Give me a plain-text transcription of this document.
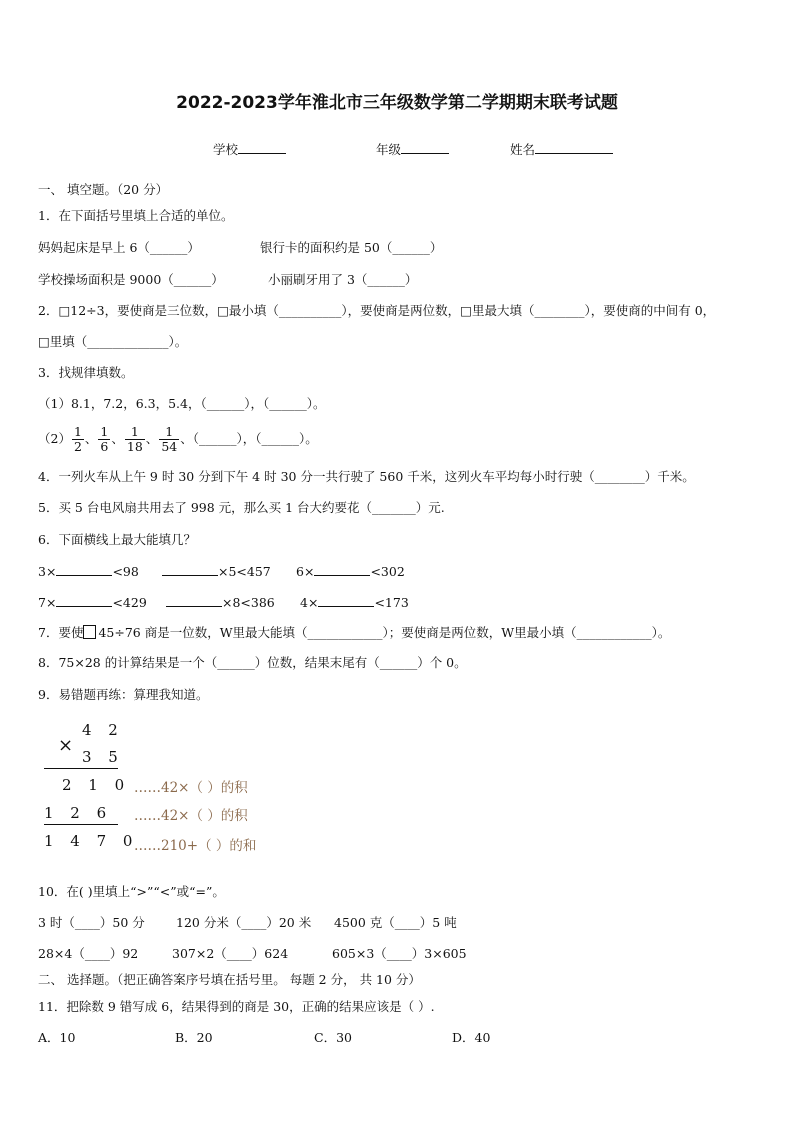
2022-2023学年淮北市三年级数学第二学期期末联考试题
学校	年级	姓名
一、 填空题。（20 分）
1．在下面括号里填上合适的单位。
妈妈起床是早上 6（______）	银行卡的面积约是 50（______）
学校操场面积是 9000（______）	小丽刷牙用了 3（______）
2．□12÷3，要使商是三位数，□最小填（__________），要使商是两位数，□里最大填（________），要使商的中间有 0，
□里填（_____________）。
3．找规律填数。
（1）8.1，7.2，6.3，5.4，（______），（______）。
$(2) \frac{1}{2}$ 、 $\frac{1}{6}$ 、 $\frac{1}{18}$ 、 $\frac{1}{54}$ 、（______），（______）。
4．一列火车从上午 9 时 30 分到下午 4 时 30 分一共行驶了 560 千米，这列火车平均每小时行驶（________）千米。
5．买 5 台电风扇共用去了 998 元，那么买 1 台大约要花（_______）元.
6．下面横线上最大能填几？
3×	<98	×5<457 6×	<302
7×	<429	×8<386 4×	<173
7．要使 45÷76 商是一位数，W里最大能填（____________）；要使商是两位数，W里最小填（____________）。
8．75×28 的计算结果是一个（______）位数，结果末尾有（______）个 0。
9．易错题再练：算理我知道。
×
4 2
3 5
2 1 0
1 2 6
1 4 7 0
……42×（ ）的积
……42×（ ）的积
……210+（ ）的和
10．在( )里填上“>”“<”或“=”。
3 时（____）50 分 120 分米（____）20 米 4500 克（____）5 吨
28×4（____）92	307×2（____）624	605×3（____）3×605
二、 选择题。（把正确答案序号填在括号里。 每题 2 分， 共 10 分）
11．把除数 9 错写成 6，结果得到的商是 30，正确的结果应该是（ ）.
A．10	B．20	C．30	D．40
